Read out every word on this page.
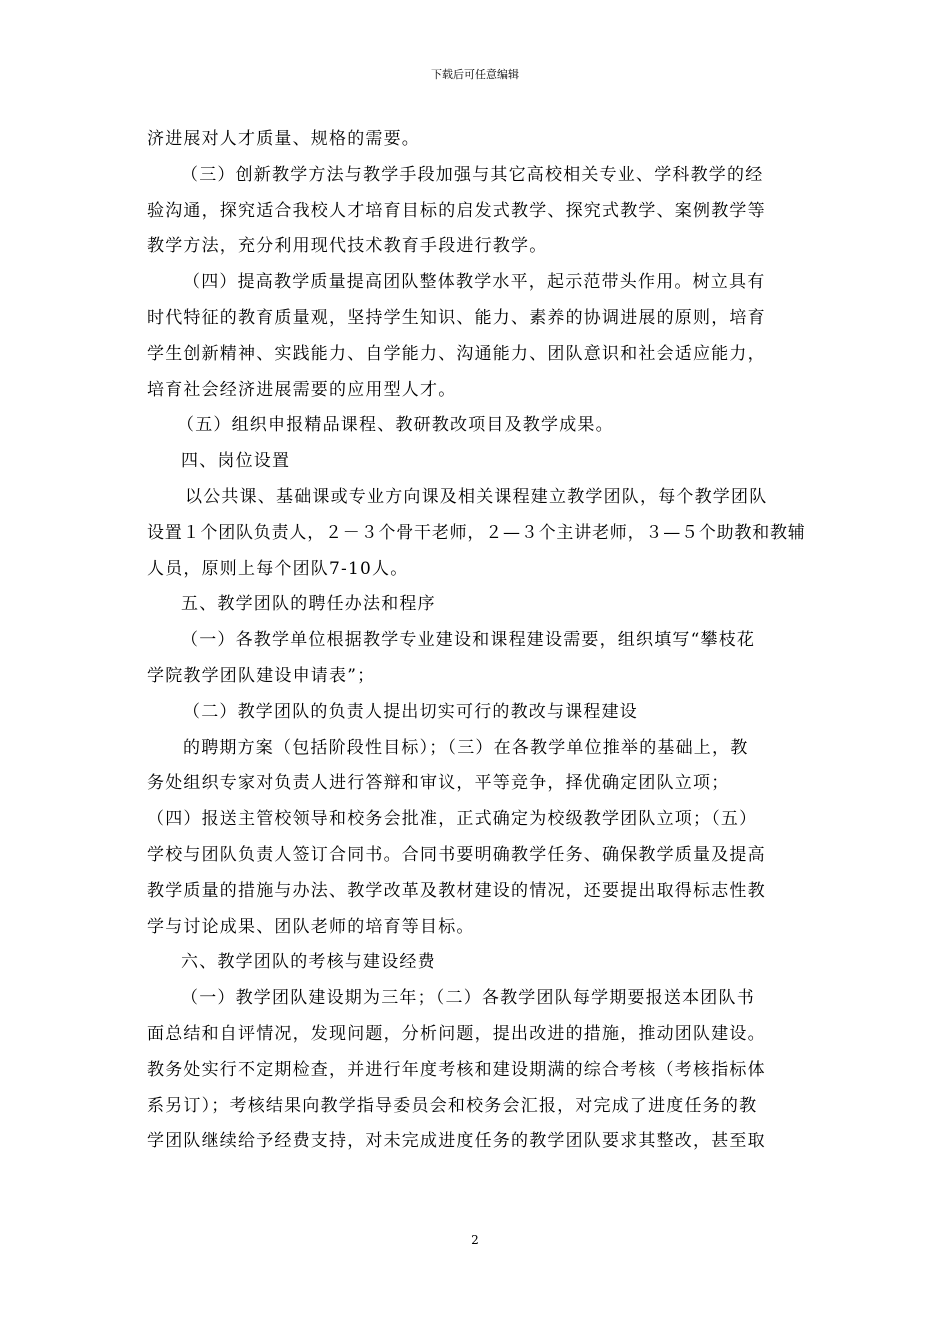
下载后可任意编辑

济进展对人才质量、规格的需要。

（三）创新教学方法与教学手段加强与其它高校相关专业、学科教学的经

验沟通，探究适合我校人才培育目标的启发式教学、探究式教学、案例教学等

教学方法，充分利用现代技术教育手段进行教学。

（四）提高教学质量提高团队整体教学水平，起示范带头作用。树立具有

时代特征的教育质量观，坚持学生知识、能力、素养的协调进展的原则，培育

学生创新精神、实践能力、自学能力、沟通能力、团队意识和社会适应能力，

培育社会经济进展需要的应用型人才。

（五）组织申报精品课程、教研教改项目及教学成果。

四、岗位设置

以公共课、基础课或专业方向课及相关课程建立教学团队，每个教学团队

设置１个团队负责人，２－３个骨干老师，２—３个主讲老师，３—５个助教和教辅

人员，原则上每个团队7-10人。

五、教学团队的聘任办法和程序

（一）各教学单位根据教学专业建设和课程建设需要，组织填写“攀枝花

学院教学团队建设申请表”；

（二）教学团队的负责人提出切实可行的教改与课程建设

的聘期方案（包括阶段性目标）；（三）在各教学单位推举的基础上，教

务处组织专家对负责人进行答辩和审议，平等竞争，择优确定团队立项；

（四）报送主管校领导和校务会批准，正式确定为校级教学团队立项；（五）

学校与团队负责人签订合同书。合同书要明确教学任务、确保教学质量及提高

教学质量的措施与办法、教学改革及教材建设的情况，还要提出取得标志性教

学与讨论成果、团队老师的培育等目标。

六、教学团队的考核与建设经费

（一）教学团队建设期为三年；（二）各教学团队每学期要报送本团队书

面总结和自评情况，发现问题，分析问题，提出改进的措施，推动团队建设。

教务处实行不定期检查，并进行年度考核和建设期满的综合考核（考核指标体

系另订）；考核结果向教学指导委员会和校务会汇报，对完成了进度任务的教

学团队继续给予经费支持，对未完成进度任务的教学团队要求其整改，甚至取

2
